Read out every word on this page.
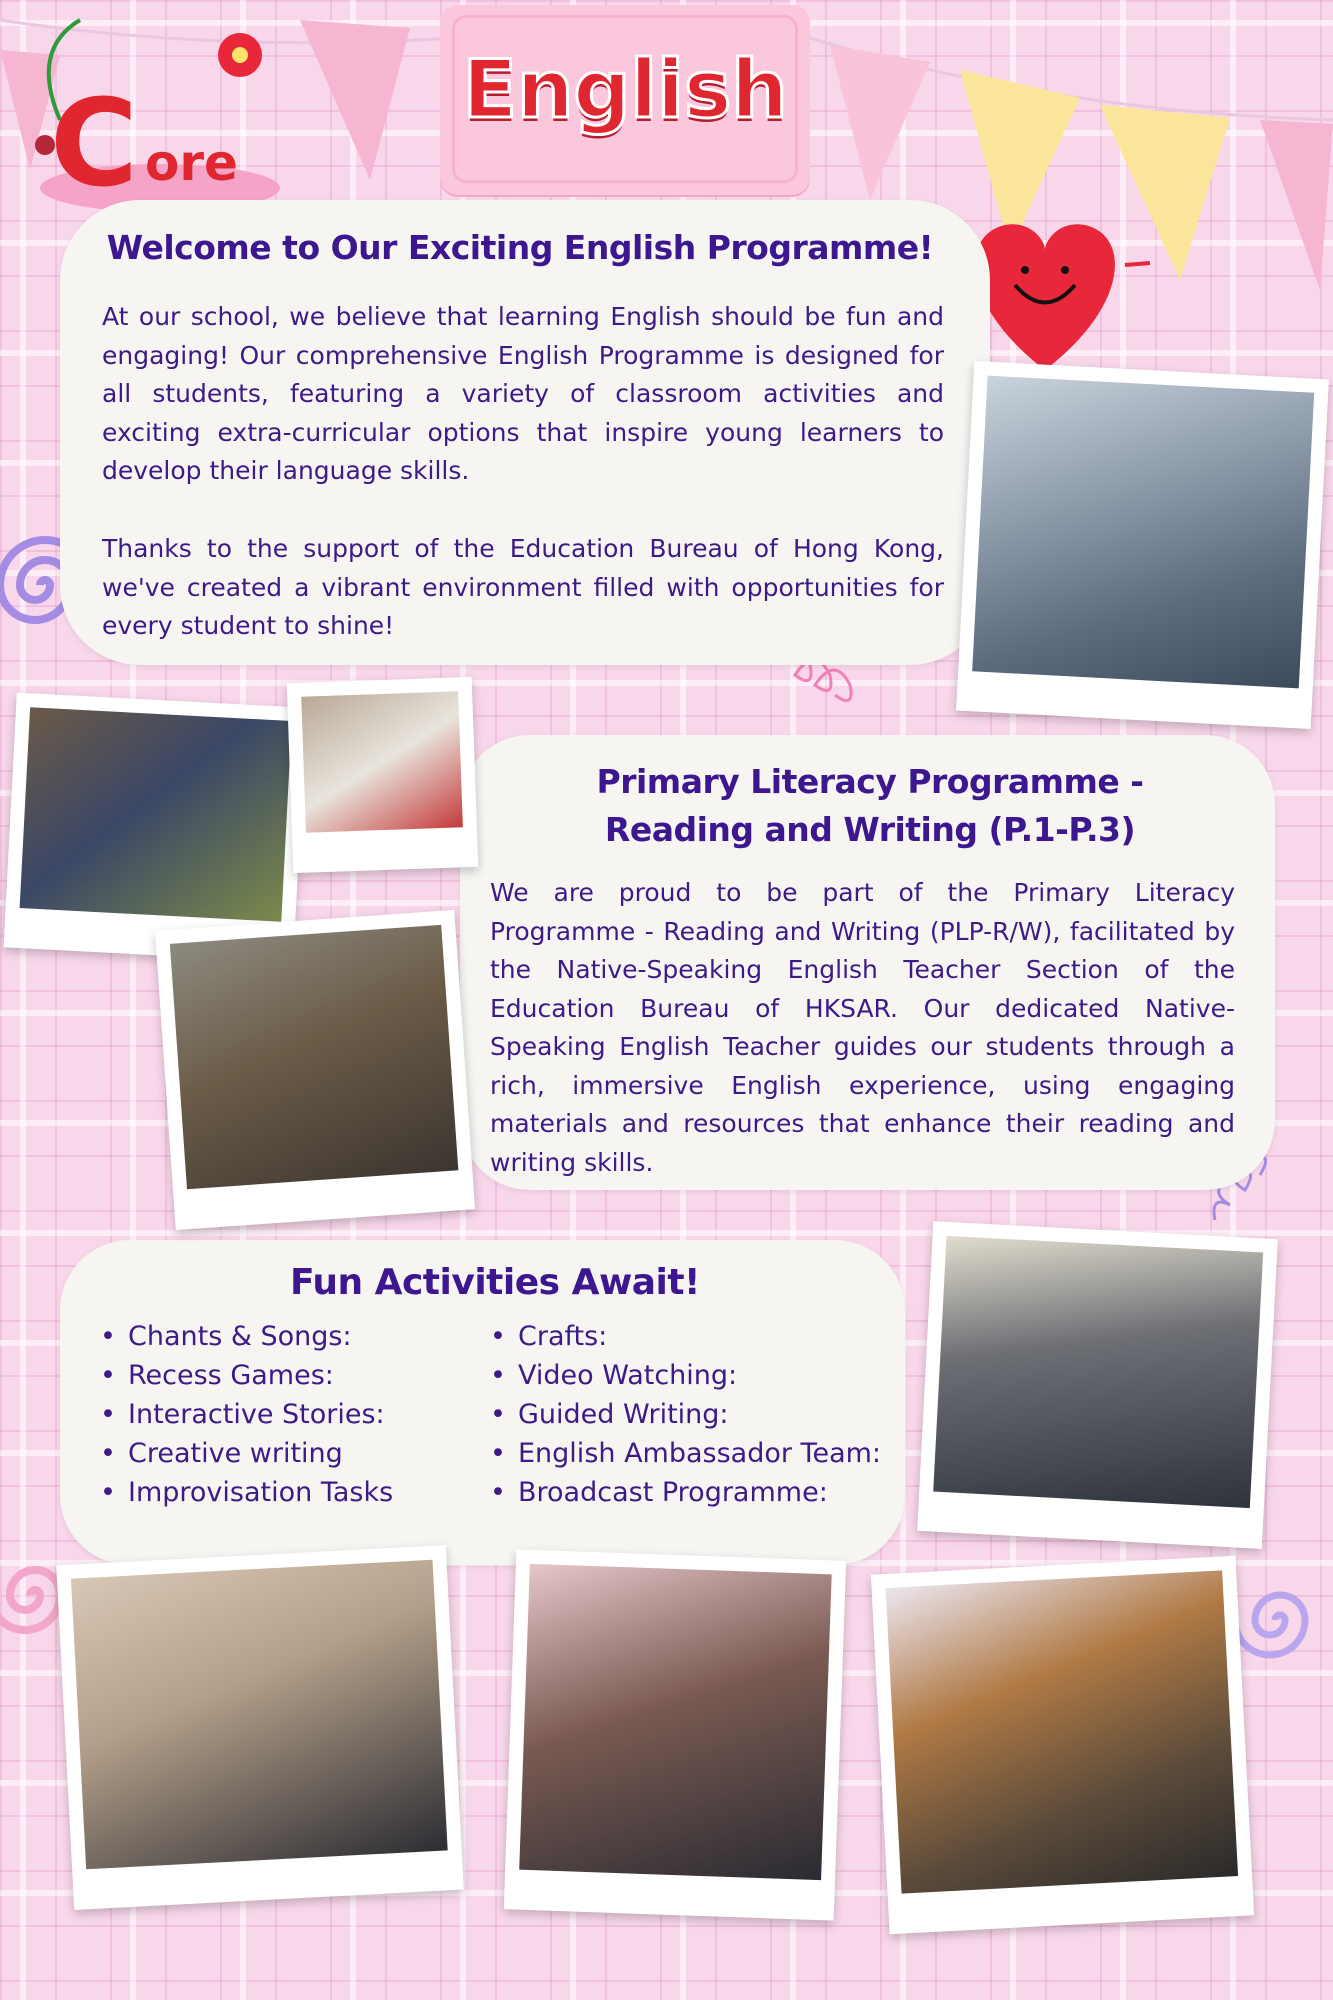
C ore
English
Welcome to Our Exciting English Programme!
At our school, we believe that learning English should be fun and engaging! Our comprehensive English Programme is designed for all students, featuring a variety of classroom activities and exciting extra-curricular options that inspire young learners to develop their language skills.
Thanks to the support of the Education Bureau of Hong Kong, we've created a vibrant environment filled with opportunities for every student to shine!
Primary Literacy Programme -
Reading and Writing (P.1-P.3)
We are proud to be part of the Primary Literacy Programme - Reading and Writing (PLP-R/W), facilitated by the Native-Speaking English Teacher Section of the Education Bureau of HKSAR. Our dedicated Native-Speaking English Teacher guides our students through a rich, immersive English experience, using engaging materials and resources that enhance their reading and writing skills.
Fun Activities Await!
• Chants & Songs:
• Recess Games:
• Interactive Stories:
• Creative writing
• Improvisation Tasks
• Crafts:
• Video Watching:
• Guided Writing:
• English Ambassador Team:
• Broadcast Programme:
